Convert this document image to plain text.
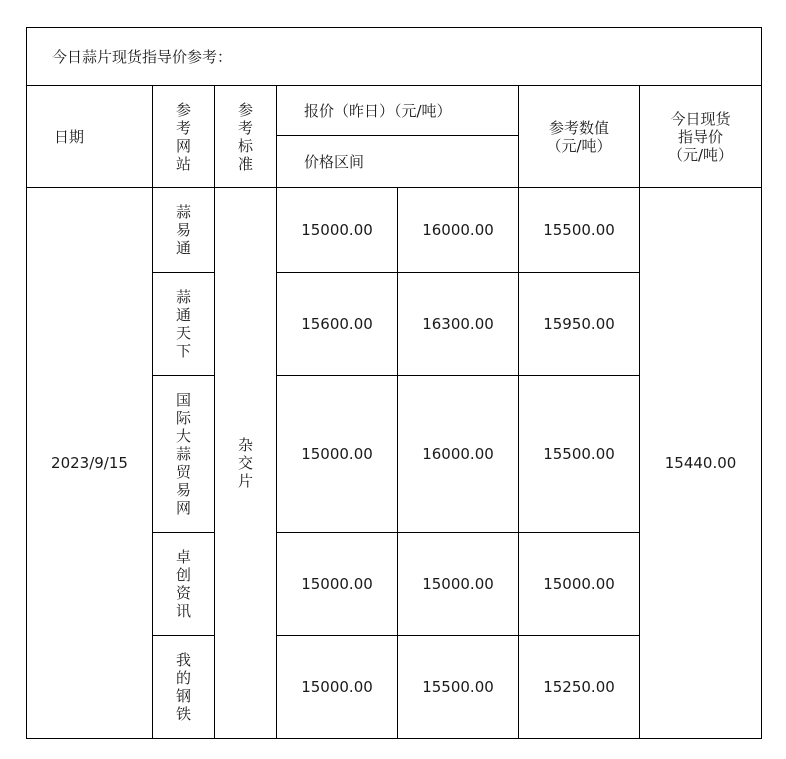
今日蒜片现货指导价参考：						
日期	参考网站	参考标准	报价（昨日）（元/吨）		参考数值（元/吨）	今日现货指导价（元/吨）

			价格区间			
2023/9/15	蒜易通	杂交片	15000.00	16000.00	15500.00	15440.00
	蒜通天下		15600.00	16300.00	15950.00	
	国际大蒜贸易网		15000.00	16000.00	15500.00	
	卓创资讯		15000.00	15000.00	15000.00	
	我的钢铁		15000.00	15500.00	15250.00	
